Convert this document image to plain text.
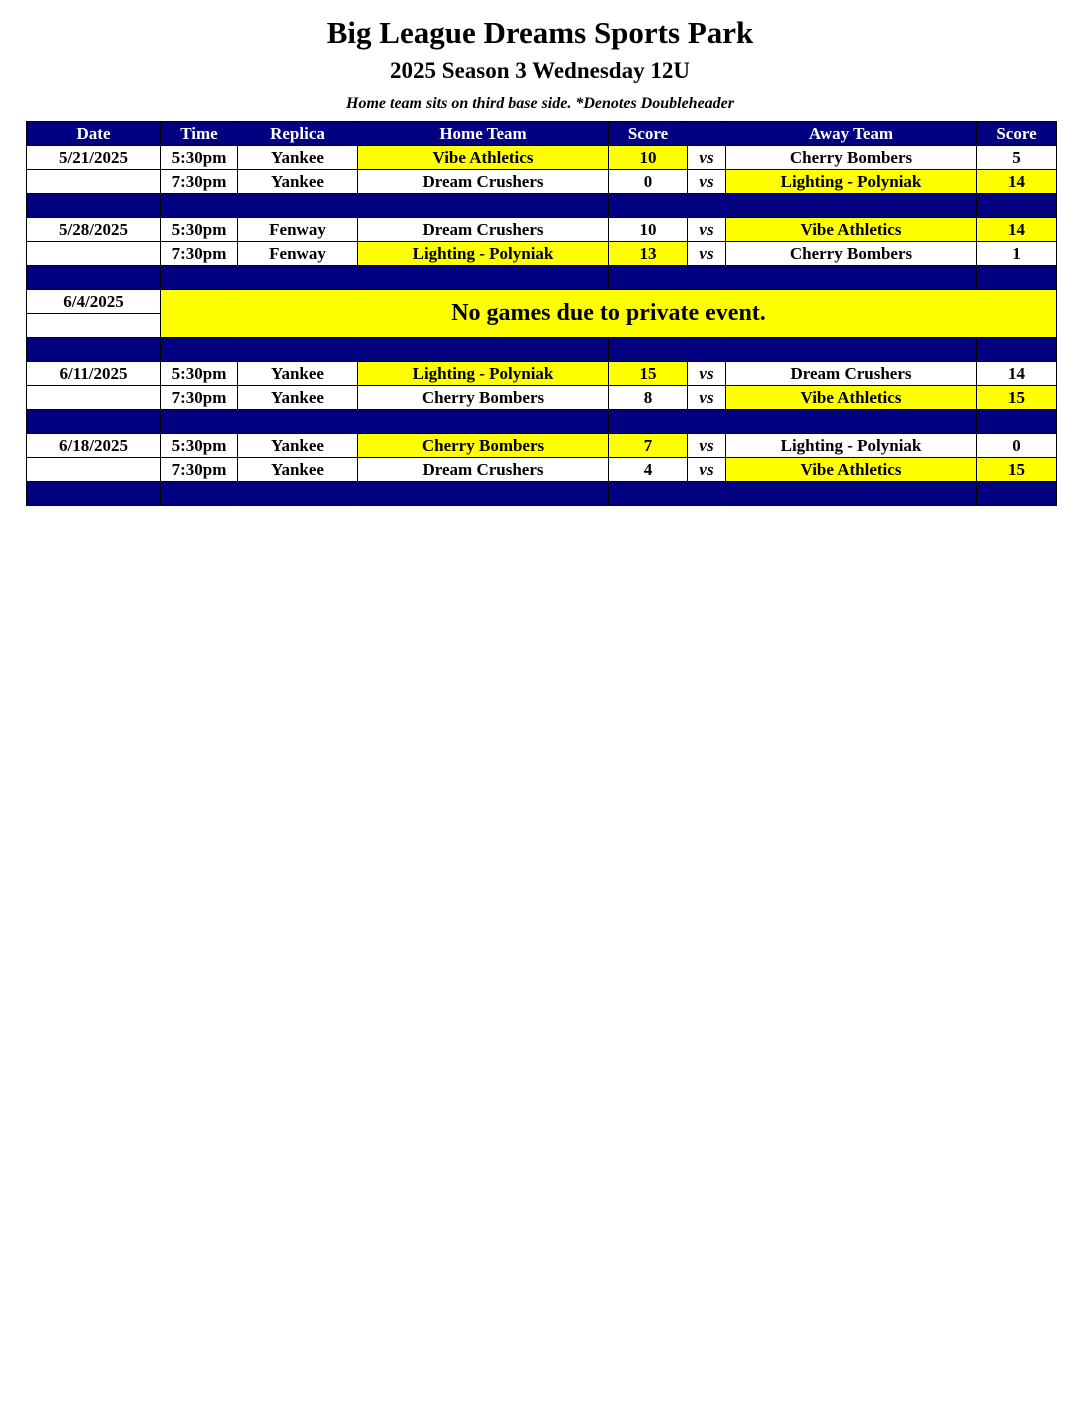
Big League Dreams Sports Park
2025 Season 3 Wednesday 12U
Home team sits on third base side. *Denotes Doubleheader
Date	Time	Replica	Home Team	Score		Away Team	Score
5/21/2025	5:30pm	Yankee	Vibe Athletics	10	vs	Cherry Bombers	5
	7:30pm	Yankee	Dream Crushers	0	vs	Lighting - Polyniak	14

5/28/2025	5:30pm	Fenway	Dream Crushers	10	vs	Vibe Athletics	14
	7:30pm	Fenway	Lighting - Polyniak	13	vs	Cherry Bombers	1

6/4/2025	No games due to private event.						

6/11/2025	5:30pm	Yankee	Lighting - Polyniak	15	vs	Dream Crushers	14
	7:30pm	Yankee	Cherry Bombers	8	vs	Vibe Athletics	15

6/18/2025	5:30pm	Yankee	Cherry Bombers	7	vs	Lighting - Polyniak	0
	7:30pm	Yankee	Dream Crushers	4	vs	Vibe Athletics	15
